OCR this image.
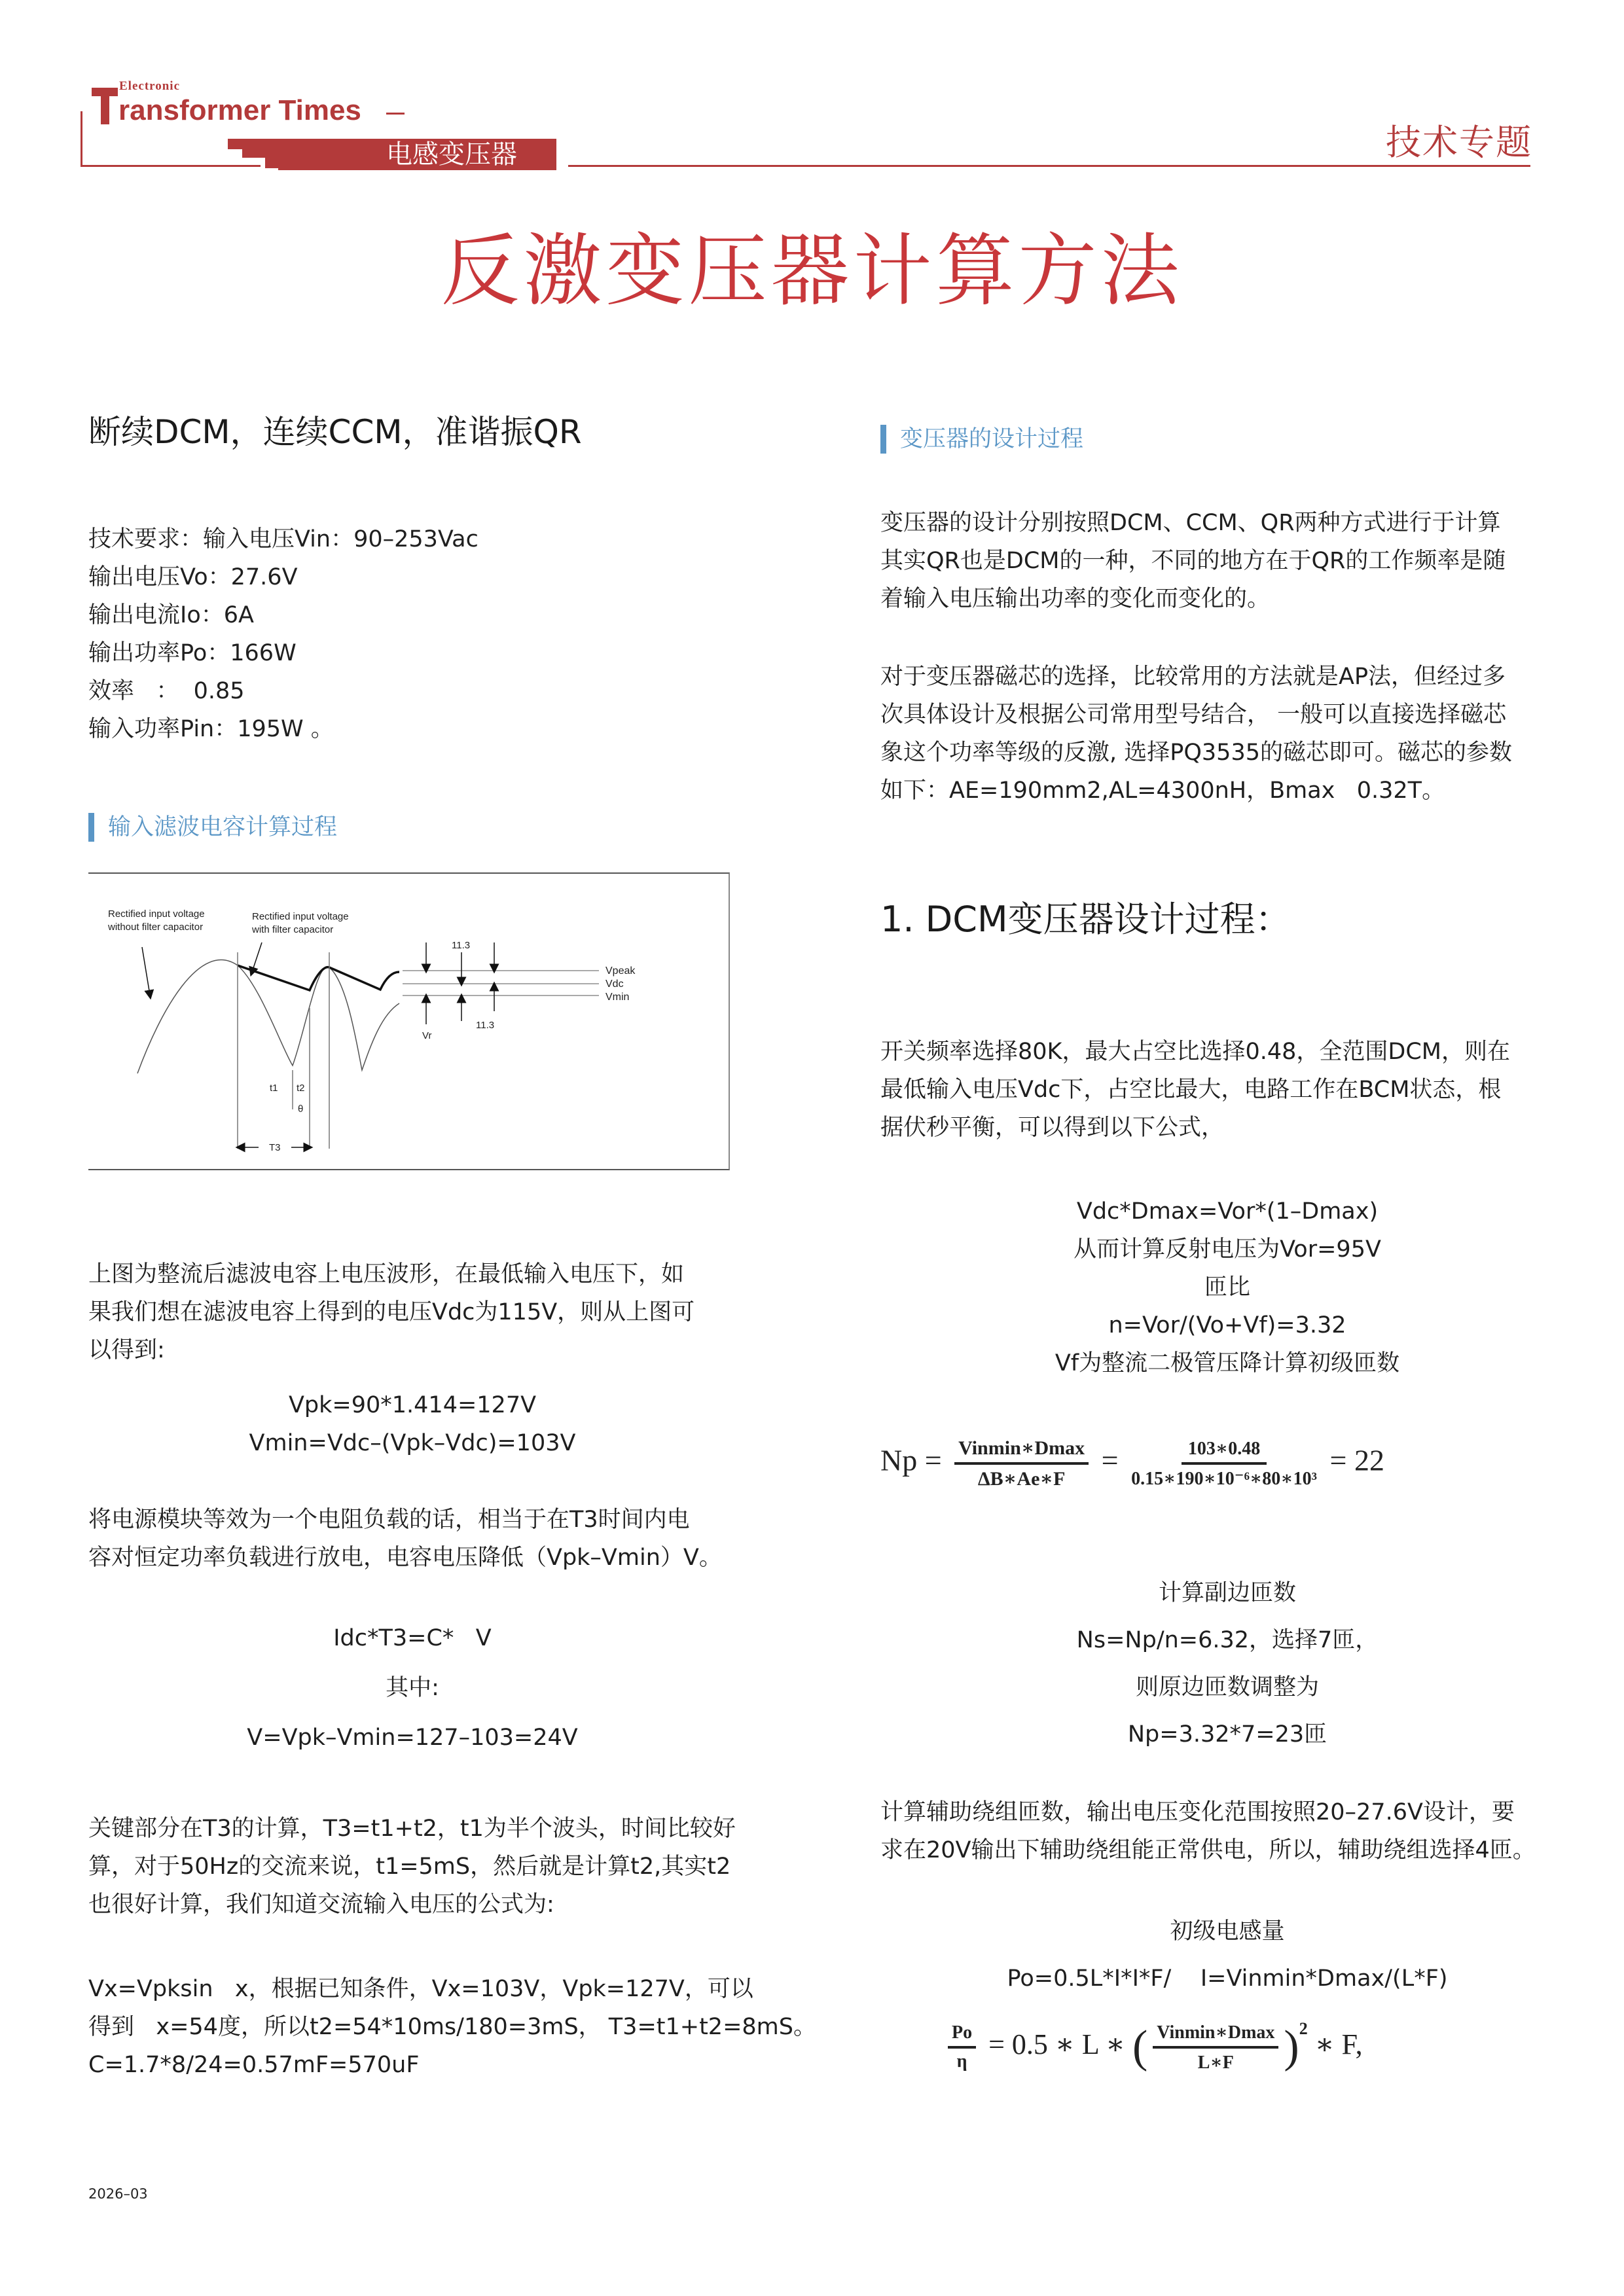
Electronic
ransformer Times
电感变压器	技术专题
反激变压器计算方法
断续DCM，连续CCM，准谐振QR
技术要求：输入电压Vin：90–253Vac
输出电压Vo：27.6V
输出电流Io：6A
输出功率Po：166W
效率   ：  0.85
输入功率Pin：195W 。
输入滤波电容计算过程
Rectified input voltage
without filter capacitor
Rectified input voltage
with filter capacitor
11.3
11.3
Vpeak
Vdc
Vmin
Vr
t1 t2
θ
T3
上图为整流后滤波电容上电压波形，在最低输入电压下，如
果我们想在滤波电容上得到的电压Vdc为115V，则从上图可
以得到:
Vpk=90*1.414=127V
Vmin=Vdc–(Vpk–Vdc)=103V
将电源模块等效为一个电阻负载的话，相当于在T3时间内电
容对恒定功率负载进行放电，电容电压降低（Vpk–Vmin）V。
Idc*T3=C*   V
其中:
V=Vpk–Vmin=127–103=24V
关键部分在T3的计算，T3=t1+t2，t1为半个波头，时间比较好
算，对于50Hz的交流来说，t1=5mS，然后就是计算t2,其实t2
也很好计算，我们知道交流输入电压的公式为:
Vx=Vpksin   x，根据已知条件，Vx=103V，Vpk=127V，可以
得到   x=54度，所以t2=54*10ms/180=3mS， T3=t1+t2=8mS。
C=1.7*8/24=0.57mF=570uF
变压器的设计过程
变压器的设计分别按照DCM、CCM、QR两种方式进行于计算
其实QR也是DCM的一种，不同的地方在于QR的工作频率是随
着输入电压输出功率的变化而变化的。
对于变压器磁芯的选择，比较常用的方法就是AP法，但经过多
次具体设计及根据公司常用型号结合， 一般可以直接选择磁芯
象这个功率等级的反激, 选择PQ3535的磁芯即可。磁芯的参数
如下：AE=190mm2,AL=4300nH，Bmax   0.32T。
1. DCM变压器设计过程：
开关频率选择80K，最大占空比选择0.48，全范围DCM，则在
最低输入电压Vdc下，占空比最大，电路工作在BCM状态，根
据伏秒平衡，可以得到以下公式，
Vdc*Dmax=Vor*(1–Dmax)
从而计算反射电压为Vor=95V
匝比
n=Vor/(Vo+Vf)=3.32
Vf为整流二极管压降计算初级匝数
$Np = \frac{\text{Vinmin∗Dmax}}{\Delta B∗Ae∗F} = \frac{103∗0.48}{\text{0.15∗190∗10⁻⁶∗80∗10³}} = 22$
计算副边匝数
Ns=Np/n=6.32，选择7匝，
则原边匝数调整为
Np=3.32*7=23匝
计算辅助绕组匝数，输出电压变化范围按照20–27.6V设计，要
求在20V输出下辅助绕组能正常供电，所以，辅助绕组选择4匝。
初级电感量
Po=0.5L*I*I*F/    I=Vinmin*Dmax/(L*F)
$\frac{Po}{\eta} = 0.5$ ∗ L ∗ ( $\frac{\text{Vinmin∗Dmax}}{L∗F} )^2$ ∗ F,
2026–03
